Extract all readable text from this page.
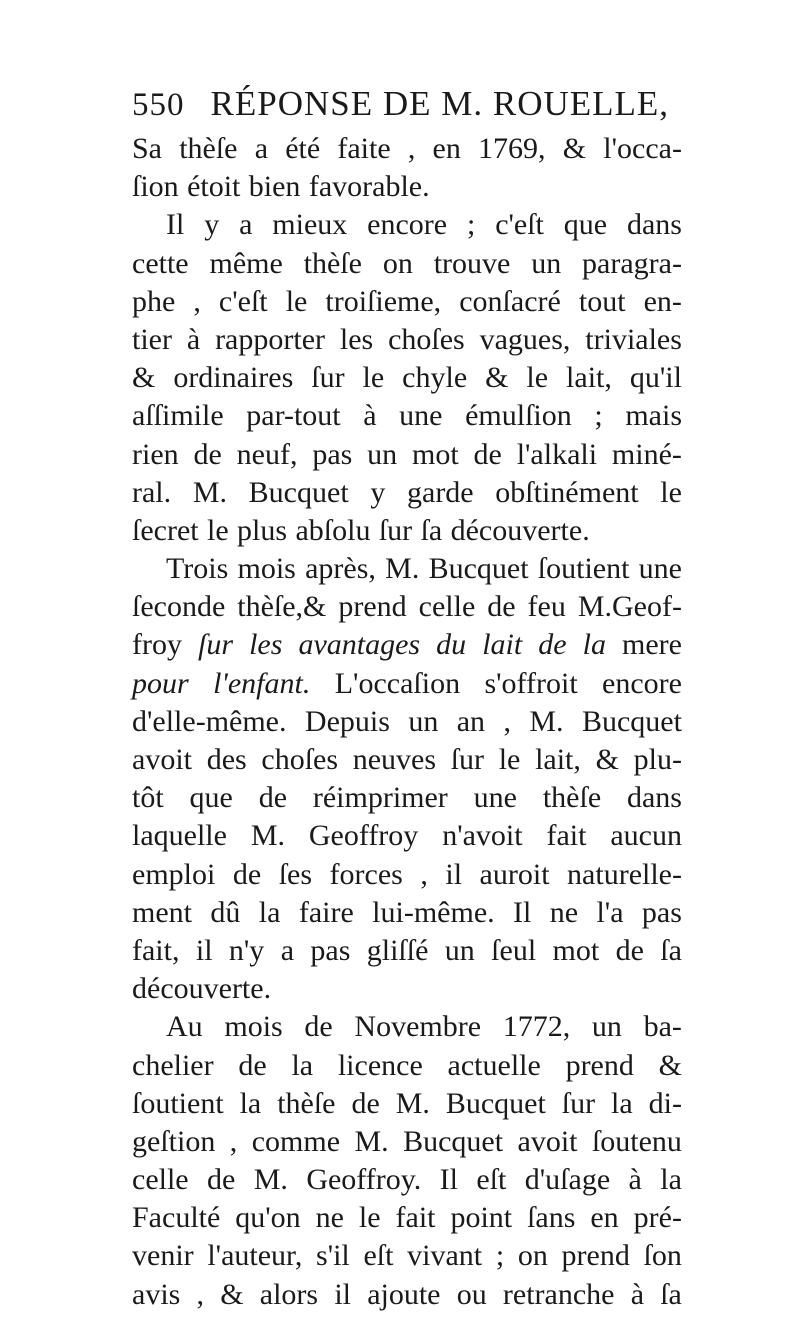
550 RÉPONSE DE M. ROUELLE,
Sa thèſe a été faite , en 1769, & l'occa-
ſion étoit bien favorable.
Il y a mieux encore ; c'eſt que dans
cette même thèſe on trouve un paragra-
phe , c'eſt le troiſieme, conſacré tout en-
tier à rapporter les choſes vagues, triviales
& ordinaires ſur le chyle & le lait, qu'il
aſſimile par-tout à une émulſion ; mais
rien de neuf, pas un mot de l'alkali miné-
ral. M. Bucquet y garde obſtinément le
ſecret le plus abſolu ſur ſa découverte.
Trois mois après, M. Bucquet ſoutient une
ſeconde thèſe,& prend celle de feu M.Geof-
froy ſur les avantages du lait de la mere
pour l'enfant. L'occaſion s'offroit encore
d'elle-même. Depuis un an , M. Bucquet
avoit des choſes neuves ſur le lait, & plu-
tôt que de réimprimer une thèſe dans
laquelle M. Geoffroy n'avoit fait aucun
emploi de ſes forces , il auroit naturelle-
ment dû la faire lui-même. Il ne l'a pas
fait, il n'y a pas gliſſé un ſeul mot de ſa
découverte.
Au mois de Novembre 1772, un ba-
chelier de la licence actuelle prend &
ſoutient la thèſe de M. Bucquet ſur la di-
geſtion , comme M. Bucquet avoit ſoutenu
celle de M. Geoffroy. Il eſt d'uſage à la
Faculté qu'on ne le fait point ſans en pré-
venir l'auteur, s'il eſt vivant ; on prend ſon
avis , & alors il ajoute ou retranche à ſa
